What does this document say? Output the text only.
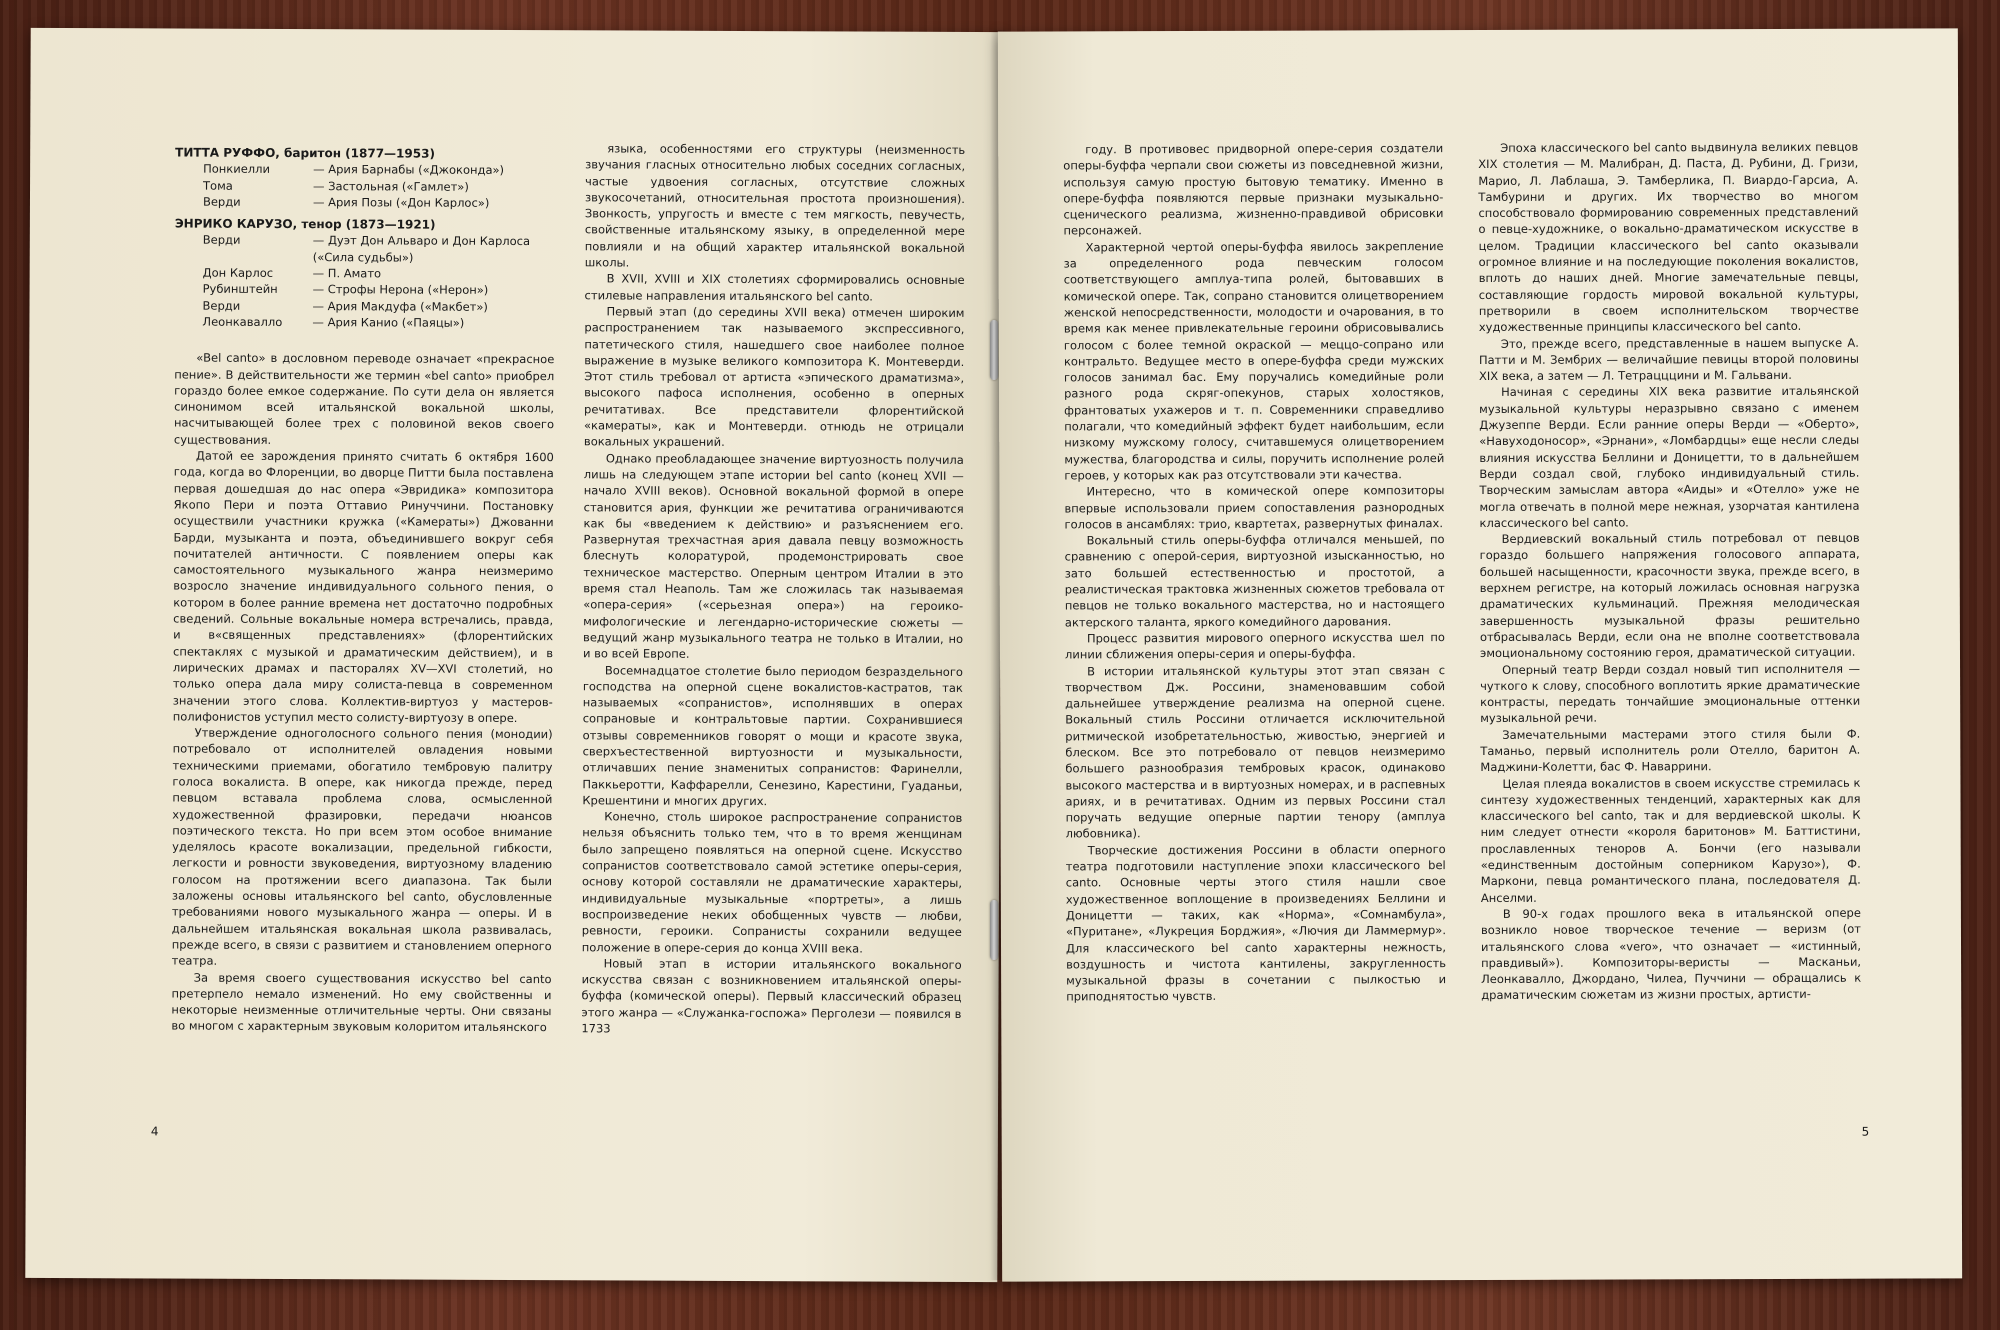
ТИТТА РУФФО, баритон (1877—1953)

Понкиелли	— Ария Барнабы («Джоконда»)
Тома	— Застольная («Гамлет»)
Верди	— Ария Позы («Дон Карлос»)

ЭНРИКО КАРУЗО, тенор (1873—1921)

Верди	— Дуэт Дон Альваро и Дон Карлоса («Сила судьбы»)
Дон Карлос	— П. Амато
Рубинштейн	— Строфы Нерона («Нерон»)
Верди	— Ария Макдуфа («Макбет»)
Леонкавалло	— Ария Канио («Паяцы»)

«Bel canto» в дословном переводе означает «прекрасное пение». В действительности же термин «bel canto» приобрел гораздо более емкое содержание. По сути дела он является синонимом всей итальянской вокальной школы, насчитывающей более трех с половиной веков своего существования.

Датой ее зарождения принято считать 6 октября 1600 года, когда во Флоренции, во дворце Питти была поставлена первая дошедшая до нас опера «Эвридика» композитора Якопо Пери и поэта Оттавио Ринуччини. Постановку осуществили участники кружка («Камераты») Джованни Барди, музыканта и поэта, объединившего вокруг себя почитателей античности. С появлением оперы как самостоятельного музыкального жанра неизмеримо возросло значение индивидуального сольного пения, о котором в более ранние времена нет достаточно подробных сведений. Сольные вокальные номера встречались, правда, и в«священных представлениях» (флорентийских спектаклях с музыкой и драматическим действием), и в лирических драмах и пасторалях ХV—ХVI столетий, но только опера дала миру солиста-певца в современном значении этого слова. Коллектив-виртуоз у мастеров-полифонистов уступил место солисту-виртуозу в опере.

Утверждение одноголосного сольного пения (монодии) потребовало от исполнителей овладения новыми техническими приемами, обогатило тембровую палитру голоса вокалиста. В опере, как никогда прежде, перед певцом вставала проблема слова, осмысленной художественной фразировки, передачи нюансов поэтического текста. Но при всем этом особое внимание уделялось красоте вокализации, предельной гибкости, легкости и ровности звуковедения, виртуозному владению голосом на протяжении всего диапазона. Так были заложены основы итальянского bel canto, обусловленные требованиями нового музыкального жанра — оперы. И в дальнейшем итальянская вокальная школа развивалась, прежде всего, в связи с развитием и становлением оперного театра.

За время своего существования искусство bel canto претерпело немало изменений. Но ему свойственны и некоторые неизменные отличительные черты. Они связаны во многом с характерным звуковым колоритом итальянского

языка, особенностями его структуры (неизменность звучания гласных относительно любых соседних согласных, частые удвоения согласных, отсутствие сложных звукосочетаний, относительная простота произношения). Звонкость, упругость и вместе с тем мягкость, певучесть, свойственные итальянскому языку, в определенной мере повлияли и на общий характер итальянской вокальной школы.

В XVII, XVIII и XIX столетиях сформировались основные стилевые направления итальянского bel canto.

Первый этап (до середины XVII века) отмечен широким распространением так называемого экспрессивного, патетического стиля, нашедшего свое наиболее полное выражение в музыке великого композитора К. Монтеверди. Этот стиль требовал от артиста «эпического драматизма», высокого пафоса исполнения, особенно в оперных речитативах. Все представители флорентийской «камераты», как и Монтеверди. отнюдь не отрицали вокальных украшений.

Однако преобладающее значение виртуозность получила лишь на следующем этапе истории bel canto (конец XVII — начало XVIII веков). Основной вокальной формой в опере становится ария, функции же речитатива ограничиваются как бы «введением к действию» и разъяснением его. Развернутая трехчастная ария давала певцу возможность блеснуть колоратурой, продемонстрировать свое техническое мастерство. Оперным центром Италии в это время стал Неаполь. Там же сложилась так называемая «опера-серия» («серьезная опера») на героико-мифологические и легендарно-исторические сюжеты — ведущий жанр музыкального театра не только в Италии, но и во всей Европе.

Восемнадцатое столетие было периодом безраздельного господства на оперной сцене вокалистов-кастратов, так называемых «сопранистов», исполнявших в операх сопрановые и контральтовые партии. Сохранившиеся отзывы современников говорят о мощи и красоте звука, сверхъестественной виртуозности и музыкальности, отличавших пение знаменитых сопранистов: Фаринелли, Паккьеротти, Каффарелли, Сенезино, Карестини, Гуаданьи, Крешентини и многих других.

Конечно, столь широкое распространение сопранистов нельзя объяснить только тем, что в то время женщинам было запрещено появляться на оперной сцене. Искусство сопранистов соответствовало самой эстетике оперы-серия, основу которой составляли не драматические характеры, индивидуальные музыкальные «портреты», а лишь воспроизведение неких обобщенных чувств — любви, ревности, героики. Сопранисты сохранили ведущее положение в опере-серия до конца XVIII века.

Новый этап в истории итальянского вокального искусства связан с возникновением итальянской оперы-буффа (комической оперы). Первый классический образец этого жанра — «Служанка-госпожа» Перголези — появился в 1733

4

году. В противовес придворной опере-серия создатели оперы-буффа черпали свои сюжеты из повседневной жизни, используя самую простую бытовую тематику. Именно в опере-буффа появляются первые признаки музыкально-сценического реализма, жизненно-правдивой обрисовки персонажей.

Характерной чертой оперы-буффа явилось закрепление за определенного рода певческим голосом соответствующего амплуа-типа ролей, бытовавших в комической опере. Так, сопрано становится олицетворением женской непосредственности, молодости и очарования, в то время как менее привлекательные героини обрисовывались голосом с более темной окраской — меццо-сопрано или контральто. Ведущее место в опере-буффа среди мужских голосов занимал бас. Ему поручались комедийные роли разного рода скряг-опекунов, старых холостяков, франтоватых ухажеров и т. п. Современники справедливо полагали, что комедийный эффект будет наибольшим, если низкому мужскому голосу, считавшемуся олицетворением мужества, благородства и силы, поручить исполнение ролей героев, у которых как раз отсутствовали эти качества.

Интересно, что в комической опере композиторы впервые использовали прием сопоставления разнородных голосов в ансамблях: трио, квартетах, развернутых финалах.

Вокальный стиль оперы-буффа отличался меньшей, по сравнению с оперой-серия, виртуозной изысканностью, но зато большей естественностью и простотой, а реалистическая трактовка жизненных сюжетов требовала от певцов не только вокального мастерства, но и настоящего актерского таланта, яркого комедийного дарования.

Процесс развития мирового оперного искусства шел по линии сближения оперы-серия и оперы-буффа.

В истории итальянской культуры этот этап связан с творчеством Дж. Россини, знаменовавшим собой дальнейшее утверждение реализма на оперной сцене. Вокальный стиль Россини отличается исключительной ритмической изобретательностью, живостью, энергией и блеском. Все это потребовало от певцов неизмеримо большего разнообразия тембровых красок, одинаково высокого мастерства и в виртуозных номерах, и в распевных ариях, и в речитативах. Одним из первых Россини стал поручать ведущие оперные партии тенору (амплуа любовника).

Творческие достижения Россини в области оперного театра подготовили наступление эпохи классического bel canto. Основные черты этого стиля нашли свое художественное воплощение в произведениях Беллини и Доницетти — таких, как «Норма», «Сомнамбула», «Пуритане», «Лукреция Борджия», «Лючия ди Ламмермур». Для классического bel canto характерны нежность, воздушность и чистота кантилены, закругленность музыкальной фразы в сочетании с пылкостью и приподнятостью чувств.

Эпоха классического bel canto выдвинула великих певцов XIX столетия — М. Малибран, Д. Паста, Д. Рубини, Д. Гризи, Марио, Л. Лаблаша, Э. Тамберлика, П. Виардо-Гарсиа, А. Тамбурини и других. Их творчество во многом способствовало формированию современных представлений о певце-художнике, о вокально-драматическом искусстве в целом. Традиции классического bel canto оказывали огромное влияние и на последующие поколения вокалистов, вплоть до наших дней. Многие замечательные певцы, составляющие гордость мировой вокальной культуры, претворили в своем исполнительском творчестве художественные принципы классического bel canto.

Это, прежде всего, представленные в нашем выпуске А. Патти и М. Зембрих — величайшие певицы второй половины XIX века, а затем — Л. Тетрацццини и М. Гальвани.

Начиная с середины XIX века развитие итальянской музыкальной культуры неразрывно связано с именем Джузеппе Верди. Если ранние оперы Верди — «Оберто», «Навуходоносор», «Эрнани», «Ломбардцы» еще несли следы влияния искусства Беллини и Доницетти, то в дальнейшем Верди создал свой, глубоко индивидуальный стиль. Творческим замыслам автора «Аиды» и «Отелло» уже не могла отвечать в полной мере нежная, узорчатая кантилена классического bel canto.

Вердиевский вокальный стиль потребовал от певцов гораздо большего напряжения голосового аппарата, большей насыщенности, красочности звука, прежде всего, в верхнем регистре, на который ложилась основная нагрузка драматических кульминаций. Прежняя мелодическая завершенность музыкальной фразы решительно отбрасывалась Верди, если она не вполне соответствовала эмоциональному состоянию героя, драматической ситуации.

Оперный театр Верди создал новый тип исполнителя — чуткого к слову, способного воплотить яркие драматические контрасты, передать тончайшие эмоциональные оттенки музыкальной речи.

Замечательными мастерами этого стиля были Ф. Таманьо, первый исполнитель роли Отелло, баритон А. Маджини-Колетти, бас Ф. Наваррини.

Целая плеяда вокалистов в своем искусстве стремилась к синтезу художественных тенденций, характерных как для классического bel canto, так и для вердиевской школы. К ним следует отнести «короля баритонов» М. Баттистини, прославленных теноров А. Бончи (его называли «единственным достойным соперником Карузо»), Ф. Маркони, певца романтического плана, последователя Д. Анселми.

В 90-х годах прошлого века в итальянской опере возникло новое творческое течение — веризм (от итальянского слова «vero», что означает — «истинный, правдивый»). Композиторы-веристы — Масканьи, Леонкавалло, Джордано, Чилеа, Пуччини — обращались к драматическим сюжетам из жизни простых, артисти-

5
